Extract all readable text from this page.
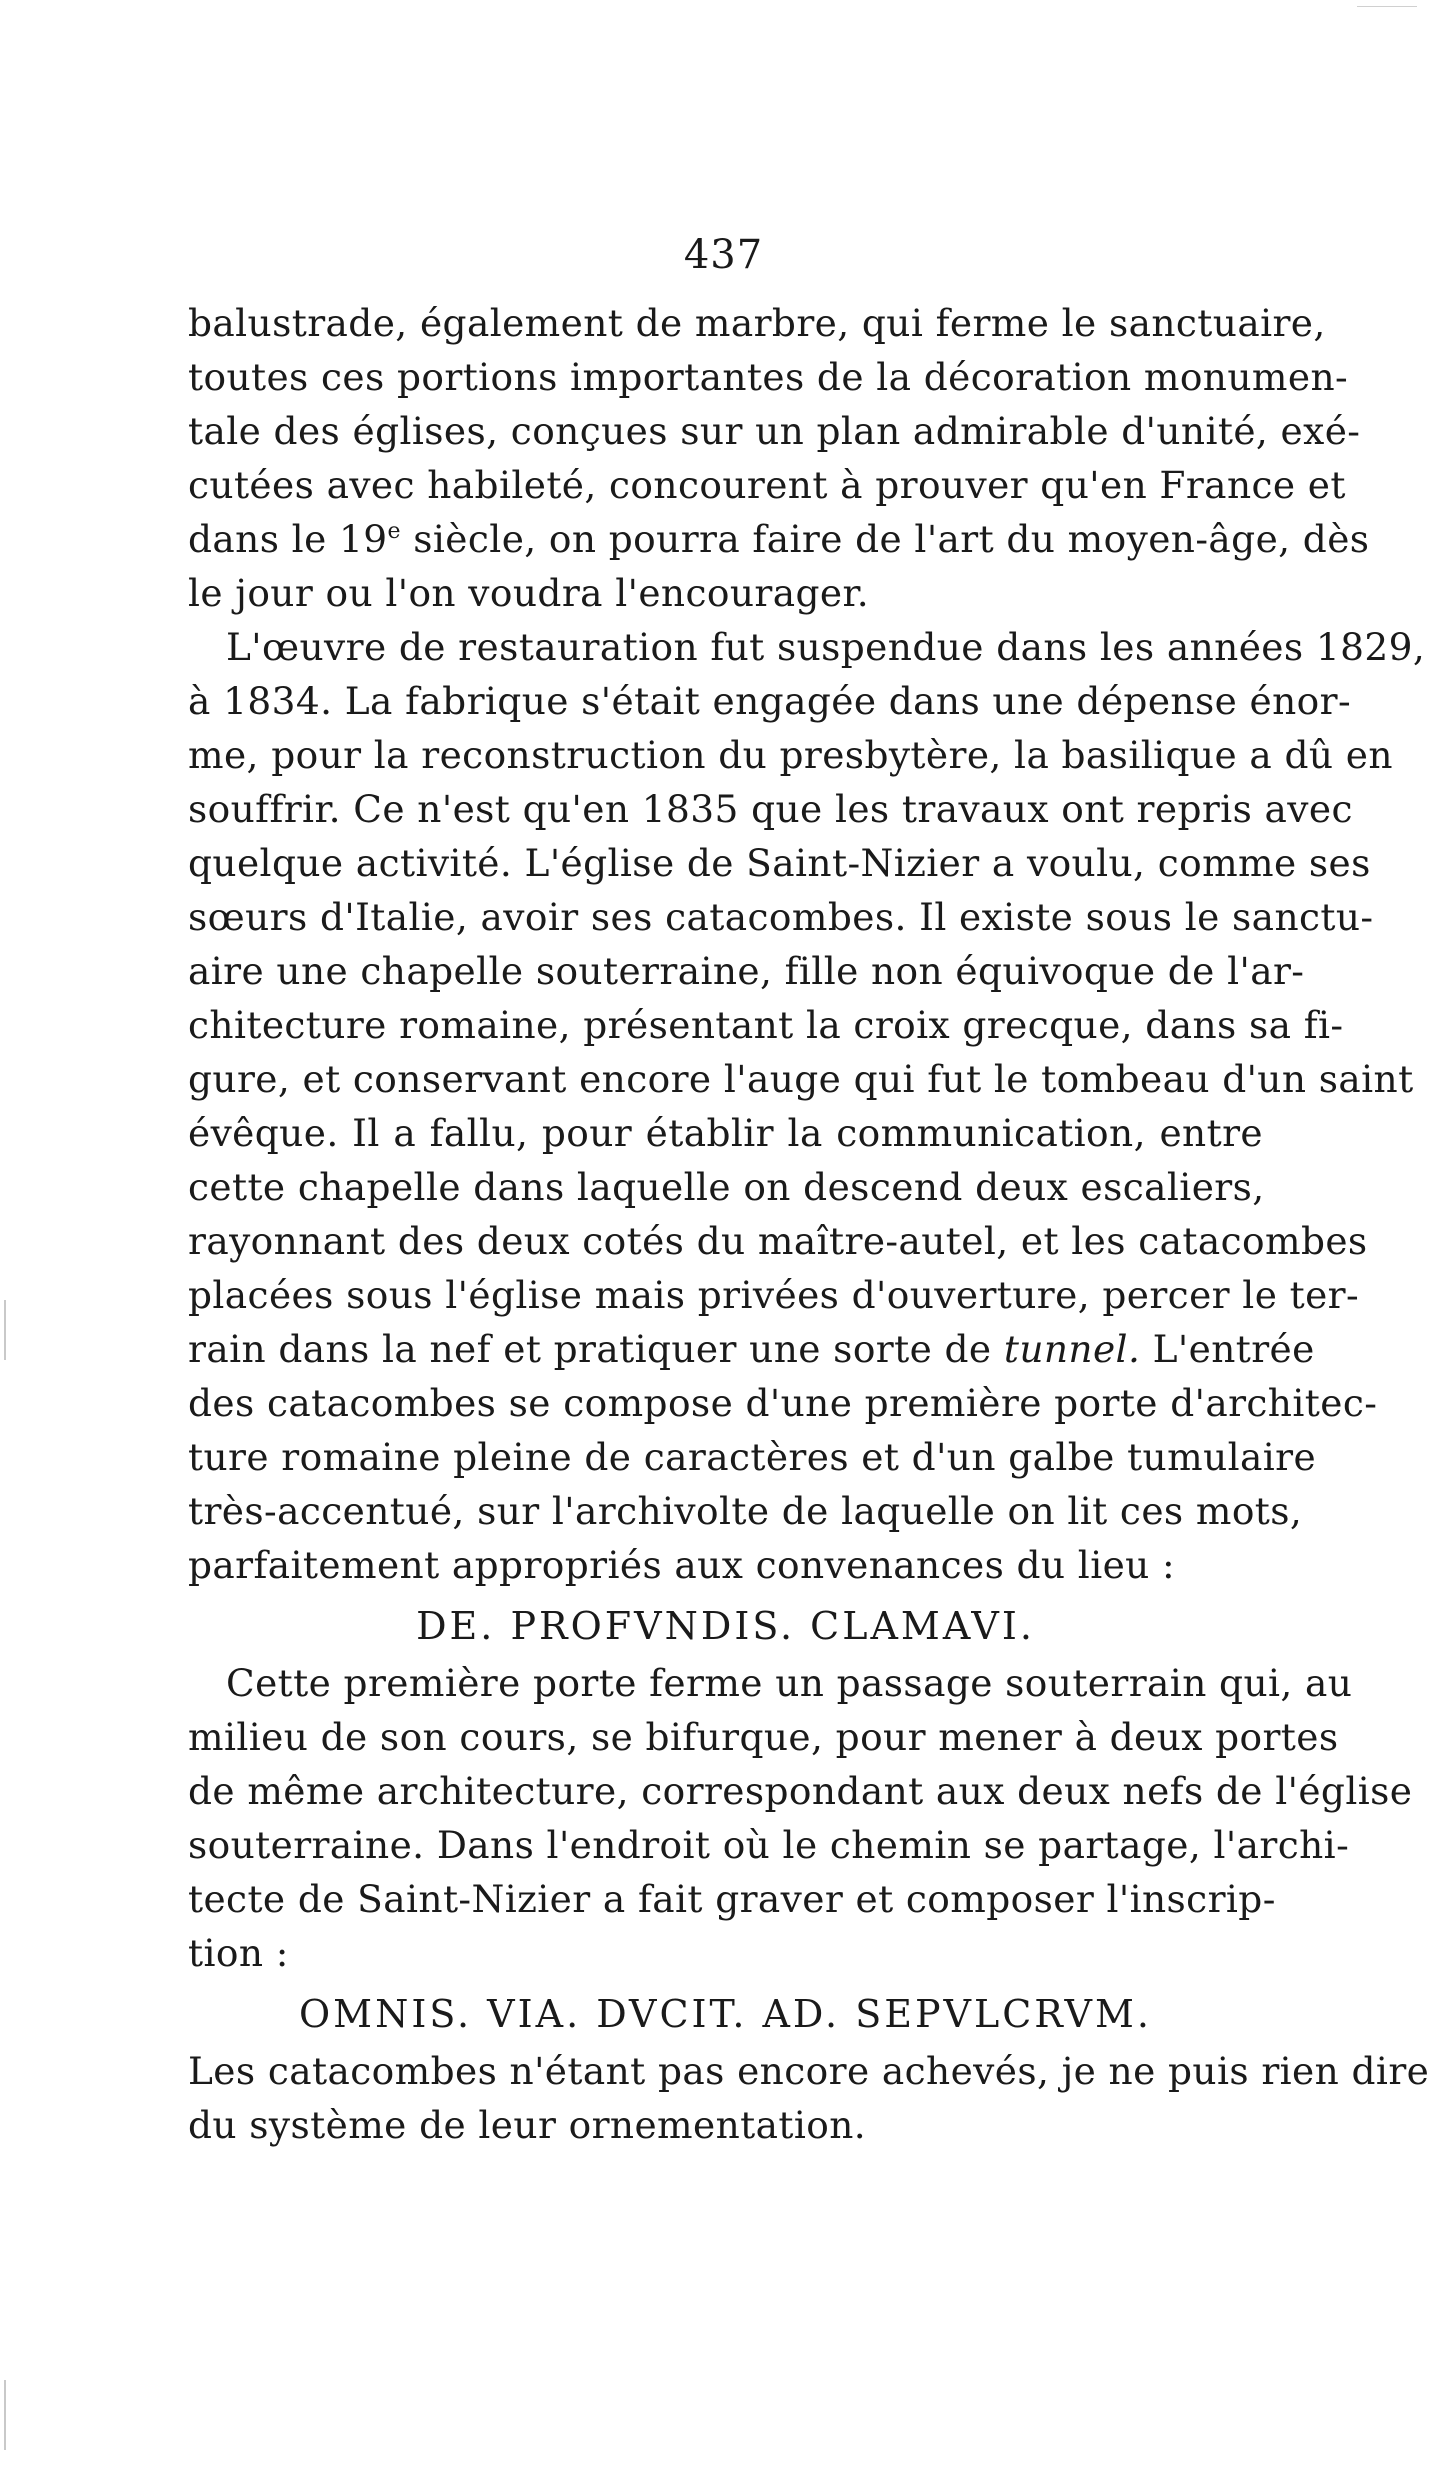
437
balustrade, également de marbre, qui ferme le sanctuaire,
toutes ces portions importantes de la décoration monumen-
tale des églises, conçues sur un plan admirable d'unité, exé-
cutées avec habileté, concourent à prouver qu'en France et
dans le 19e siècle, on pourra faire de l'art du moyen-âge, dès
le jour ou l'on voudra l'encourager.
L'œuvre de restauration fut suspendue dans les années 1829,
à 1834. La fabrique s'était engagée dans une dépense énor-
me, pour la reconstruction du presbytère, la basilique a dû en
souffrir. Ce n'est qu'en 1835 que les travaux ont repris avec
quelque activité. L'église de Saint-Nizier a voulu, comme ses
sœurs d'Italie, avoir ses catacombes. Il existe sous le sanctu-
aire une chapelle souterraine, fille non équivoque de l'ar-
chitecture romaine, présentant la croix grecque, dans sa fi-
gure, et conservant encore l'auge qui fut le tombeau d'un saint
évêque. Il a fallu, pour établir la communication, entre
cette chapelle dans laquelle on descend deux escaliers,
rayonnant des deux cotés du maître-autel, et les catacombes
placées sous l'église mais privées d'ouverture, percer le ter-
rain dans la nef et pratiquer une sorte de tunnel. L'entrée
des catacombes se compose d'une première porte d'architec-
ture romaine pleine de caractères et d'un galbe tumulaire
très-accentué, sur l'archivolte de laquelle on lit ces mots,
parfaitement appropriés aux convenances du lieu :
DE. PROFVNDIS. CLAMAVI.
Cette première porte ferme un passage souterrain qui, au
milieu de son cours, se bifurque, pour mener à deux portes
de même architecture, correspondant aux deux nefs de l'église
souterraine. Dans l'endroit où le chemin se partage, l'archi-
tecte de Saint-Nizier a fait graver et composer l'inscrip-
tion :
OMNIS. VIA. DVCIT. AD. SEPVLCRVM.
Les catacombes n'étant pas encore achevés, je ne puis rien dire
du système de leur ornementation.
